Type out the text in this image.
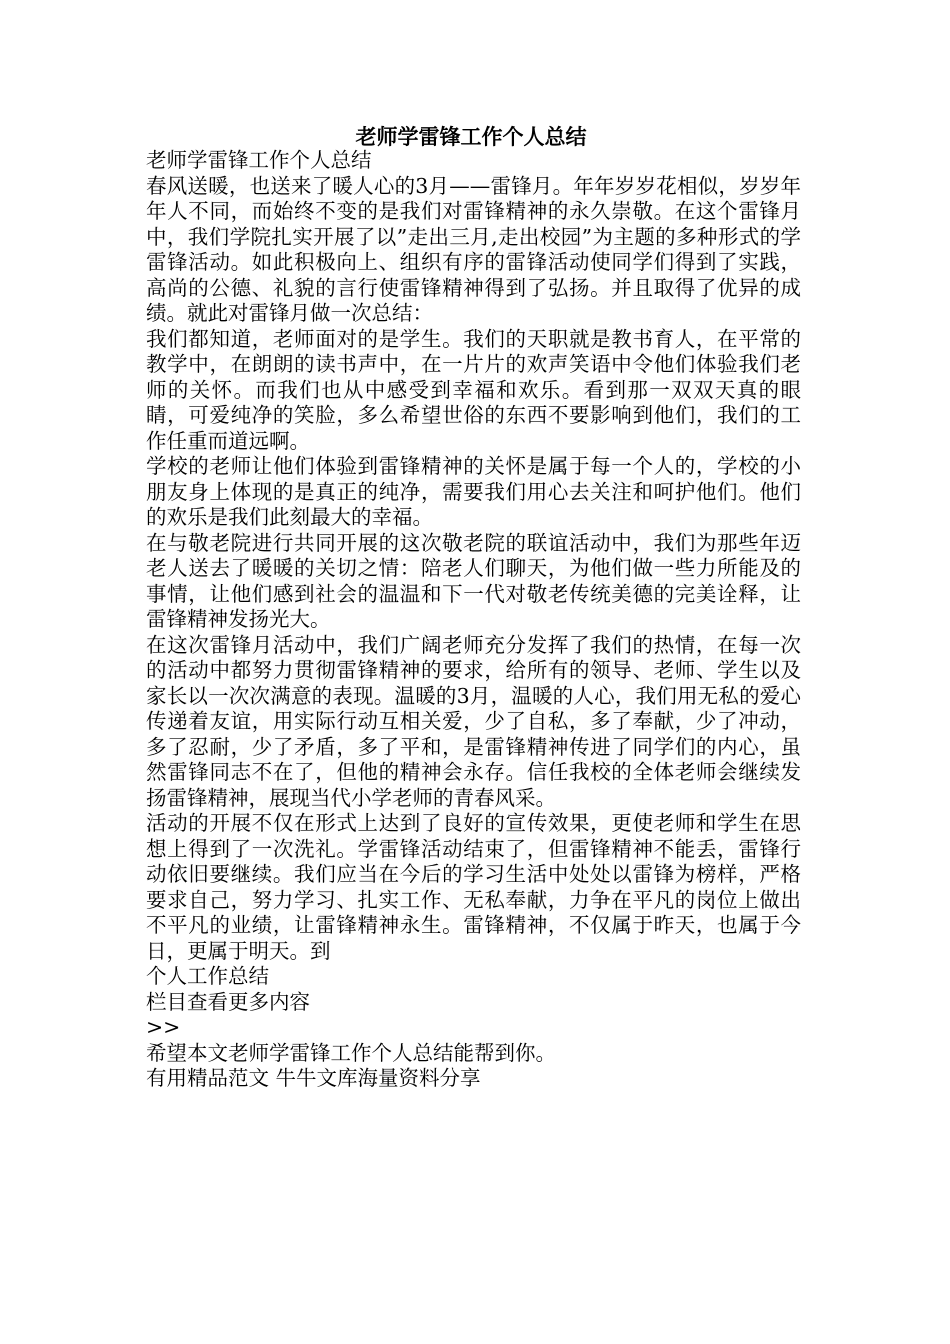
老师学雷锋工作个人总结

老师学雷锋工作个人总结

春风送暖，也送来了暖人心的3月——雷锋月。年年岁岁花相似，岁岁年年人不同，而始终不变的是我们对雷锋精神的永久崇敬。在这个雷锋月中，我们学院扎实开展了以”走出三月,走出校园”为主题的多种形式的学雷锋活动。如此积极向上、组织有序的雷锋活动使同学们得到了实践，高尚的公德、礼貌的言行使雷锋精神得到了弘扬。并且取得了优异的成绩。就此对雷锋月做一次总结：

我们都知道，老师面对的是学生。我们的天职就是教书育人，在平常的教学中，在朗朗的读书声中，在一片片的欢声笑语中令他们体验我们老师的关怀。而我们也从中感受到幸福和欢乐。看到那一双双天真的眼睛，可爱纯净的笑脸，多么希望世俗的东西不要影响到他们，我们的工作任重而道远啊。

学校的老师让他们体验到雷锋精神的关怀是属于每一个人的，学校的小朋友身上体现的是真正的纯净，需要我们用心去关注和呵护他们。他们的欢乐是我们此刻最大的幸福。

在与敬老院进行共同开展的这次敬老院的联谊活动中，我们为那些年迈老人送去了暖暖的关切之情：陪老人们聊天，为他们做一些力所能及的事情，让他们感到社会的温温和下一代对敬老传统美德的完美诠释，让雷锋精神发扬光大。

在这次雷锋月活动中，我们广阔老师充分发挥了我们的热情，在每一次的活动中都努力贯彻雷锋精神的要求，给所有的领导、老师、学生以及家长以一次次满意的表现。温暖的3月，温暖的人心，我们用无私的爱心传递着友谊，用实际行动互相关爱，少了自私，多了奉献，少了冲动，多了忍耐，少了矛盾，多了平和，是雷锋精神传进了同学们的内心，虽然雷锋同志不在了，但他的精神会永存。信任我校的全体老师会继续发扬雷锋精神，展现当代小学老师的青春风采。

活动的开展不仅在形式上达到了良好的宣传效果，更使老师和学生在思想上得到了一次洗礼。学雷锋活动结束了，但雷锋精神不能丢，雷锋行动依旧要继续。我们应当在今后的学习生活中处处以雷锋为榜样，严格要求自己，努力学习、扎实工作、无私奉献，力争在平凡的岗位上做出不平凡的业绩，让雷锋精神永生。雷锋精神，不仅属于昨天，也属于今日，更属于明天。到

个人工作总结

栏目查看更多内容

>>

希望本文老师学雷锋工作个人总结能帮到你。

有用精品范文 牛牛文库海量资料分享
